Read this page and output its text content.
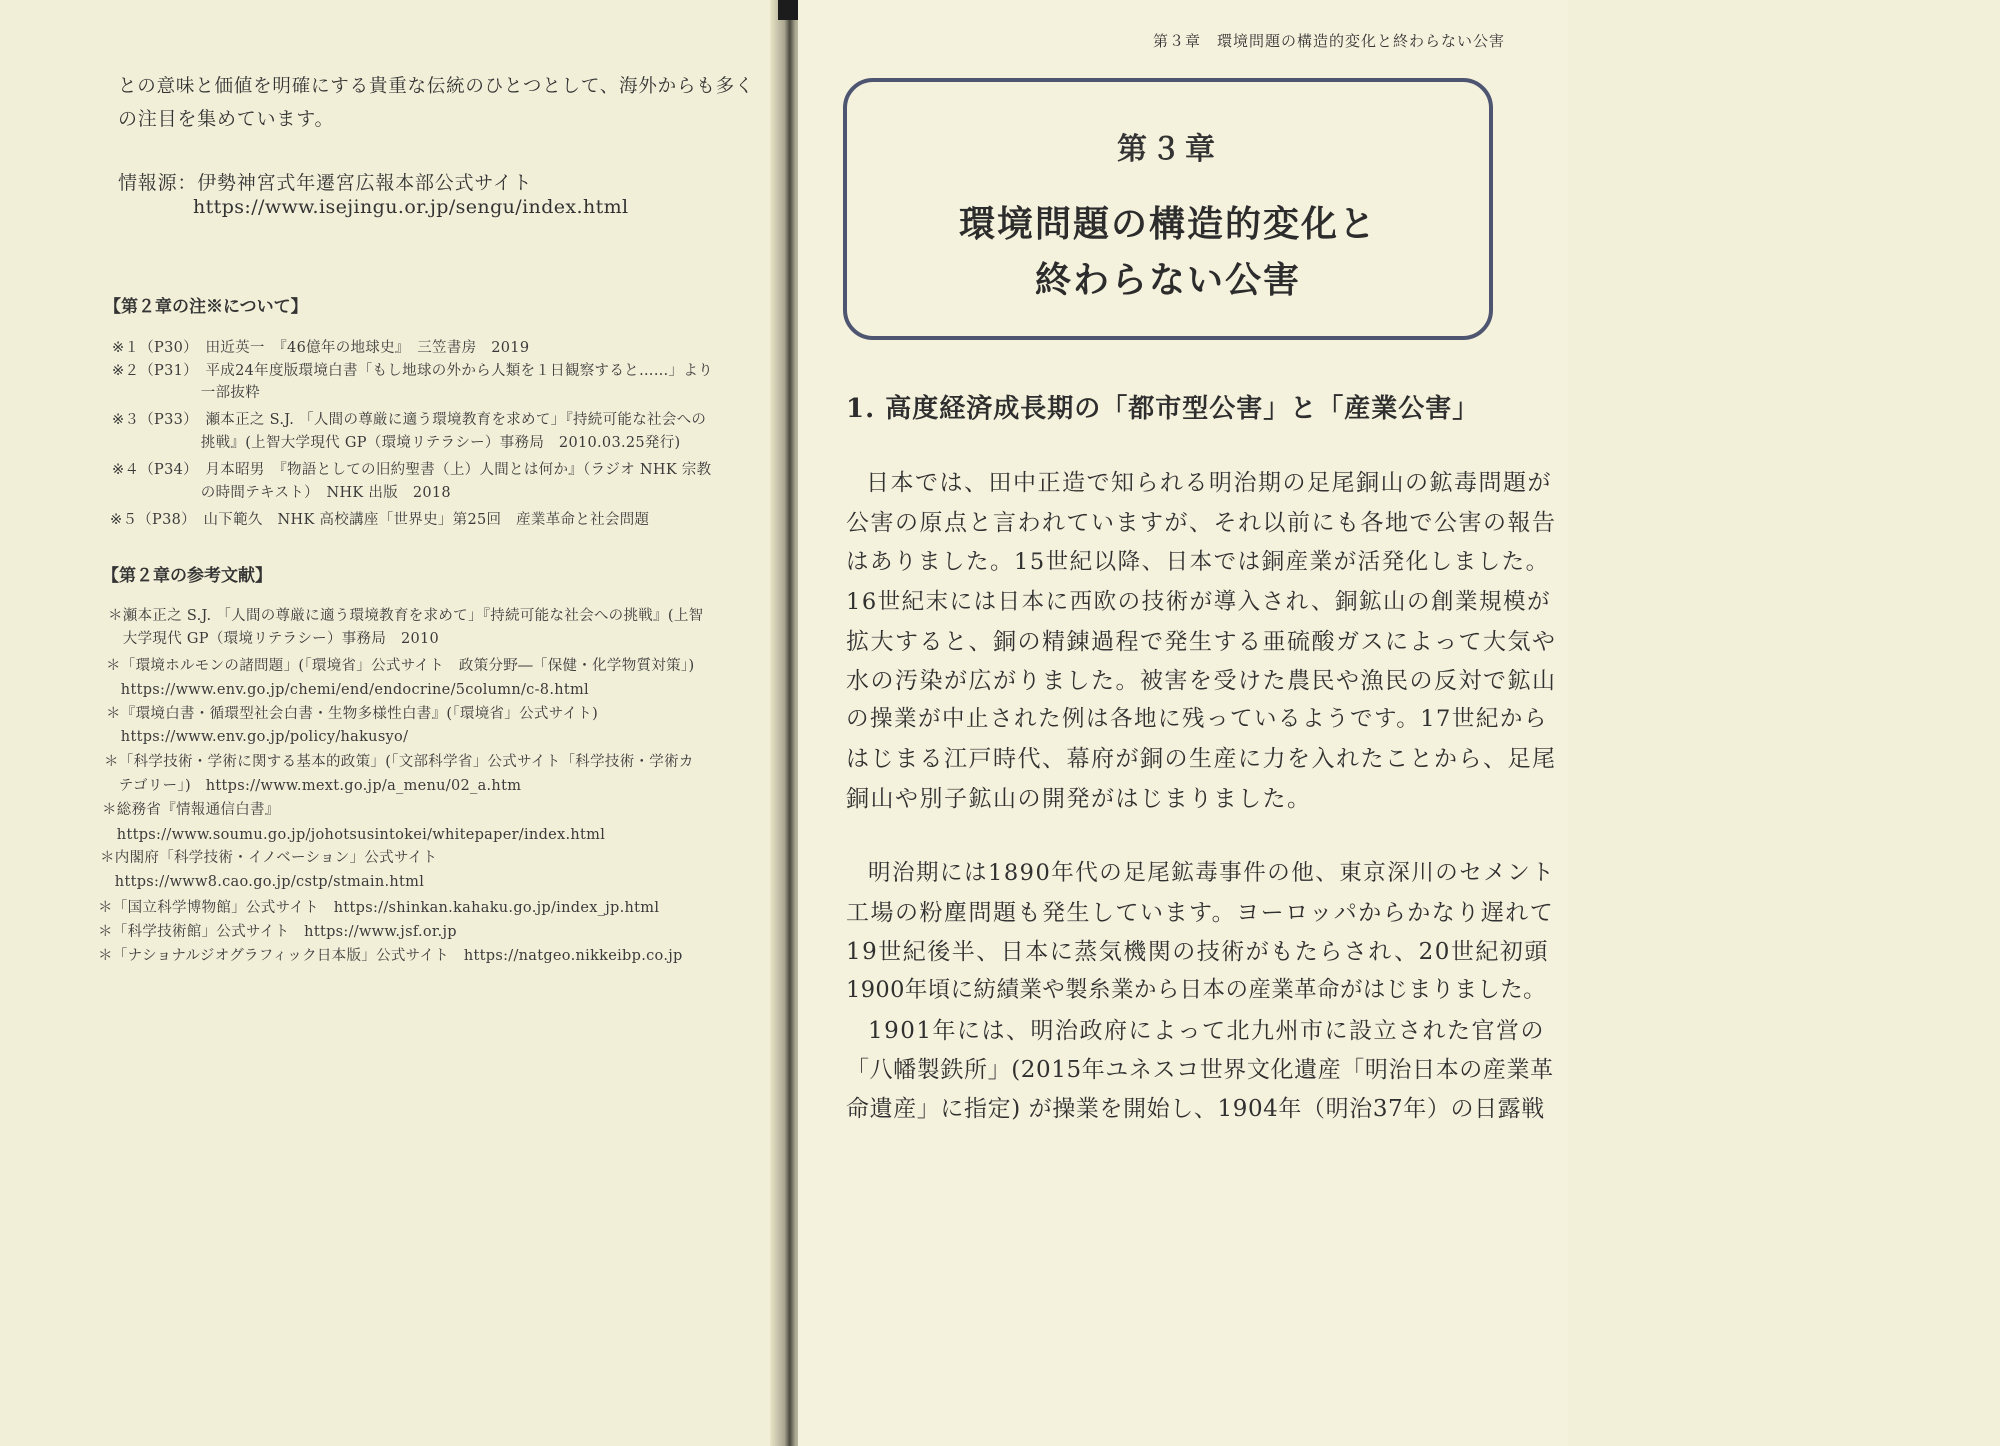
との意味と価値を明確にする貴重な伝統のひとつとして、海外からも多く
の注目を集めています。
情報源：伊勢神宮式年遷宮広報本部公式サイト
https://www.isejingu.or.jp/sengu/index.html
【第２章の注※について】
※１（P30）　田近英一　『46億年の地球史』　三笠書房　2019
※２（P31）　平成24年度版環境白書「もし地球の外から人類を１日観察すると……」より
　　　　　　一部抜粋
※３（P33）　瀬本正之 S.J. 「人間の尊厳に適う環境教育を求めて」『持続可能な社会への
　　　　　　挑戦』(上智大学現代 GP（環境リテラシー）事務局　2010.03.25発行)
※４（P34）　月本昭男　『物語としての旧約聖書（上）人間とは何か』（ラジオ NHK 宗教
　　　　　　の時間テキスト）　NHK 出版　2018
※５（P38）　山下範久　NHK 高校講座「世界史」第25回　産業革命と社会問題
【第２章の参考文献】
＊瀬本正之 S.J. 「人間の尊厳に適う環境教育を求めて」『持続可能な社会への挑戦』(上智
　大学現代 GP（環境リテラシー）事務局　2010
＊「環境ホルモンの諸問題」(「環境省」公式サイト　政策分野―「保健・化学物質対策」)
　https://www.env.go.jp/chemi/end/endocrine/5column/c-8.html
＊『環境白書・循環型社会白書・生物多様性白書』(「環境省」公式サイト)
　https://www.env.go.jp/policy/hakusyo/
＊「科学技術・学術に関する基本的政策」(「文部科学省」公式サイト「科学技術・学術カ
　テゴリー」)　https://www.mext.go.jp/a_menu/02_a.htm
＊総務省『情報通信白書』
　https://www.soumu.go.jp/johotsusintokei/whitepaper/index.html
＊内閣府「科学技術・イノベーション」公式サイト
　https://www8.cao.go.jp/cstp/stmain.html
＊「国立科学博物館」公式サイト　https://shinkan.kahaku.go.jp/index_jp.html
＊「科学技術館」公式サイト　https://www.jsf.or.jp
＊「ナショナルジオグラフィック日本版」公式サイト　https://natgeo.nikkeibp.co.jp
第３章　環境問題の構造的変化と終わらない公害
第３章
環境問題の構造的変化と
終わらない公害
1. 高度経済成長期の「都市型公害」と「産業公害」
日本では、田中正造で知られる明治期の足尾銅山の鉱毒問題が
公害の原点と言われていますが、それ以前にも各地で公害の報告
はありました。15世紀以降、日本では銅産業が活発化しました。
16世紀末には日本に西欧の技術が導入され、銅鉱山の創業規模が
拡大すると、銅の精錬過程で発生する亜硫酸ガスによって大気や
水の汚染が広がりました。被害を受けた農民や漁民の反対で鉱山
の操業が中止された例は各地に残っているようです。17世紀から
はじまる江戸時代、幕府が銅の生産に力を入れたことから、足尾
銅山や別子鉱山の開発がはじまりました。
明治期には1890年代の足尾鉱毒事件の他、東京深川のセメント
工場の粉塵問題も発生しています。ヨーロッパからかなり遅れて
19世紀後半、日本に蒸気機関の技術がもたらされ、20世紀初頭
1900年頃に紡績業や製糸業から日本の産業革命がはじまりました。
1901年には、明治政府によって北九州市に設立された官営の
「八幡製鉄所」(2015年ユネスコ世界文化遺産「明治日本の産業革
命遺産」に指定) が操業を開始し、1904年（明治37年）の日露戦
